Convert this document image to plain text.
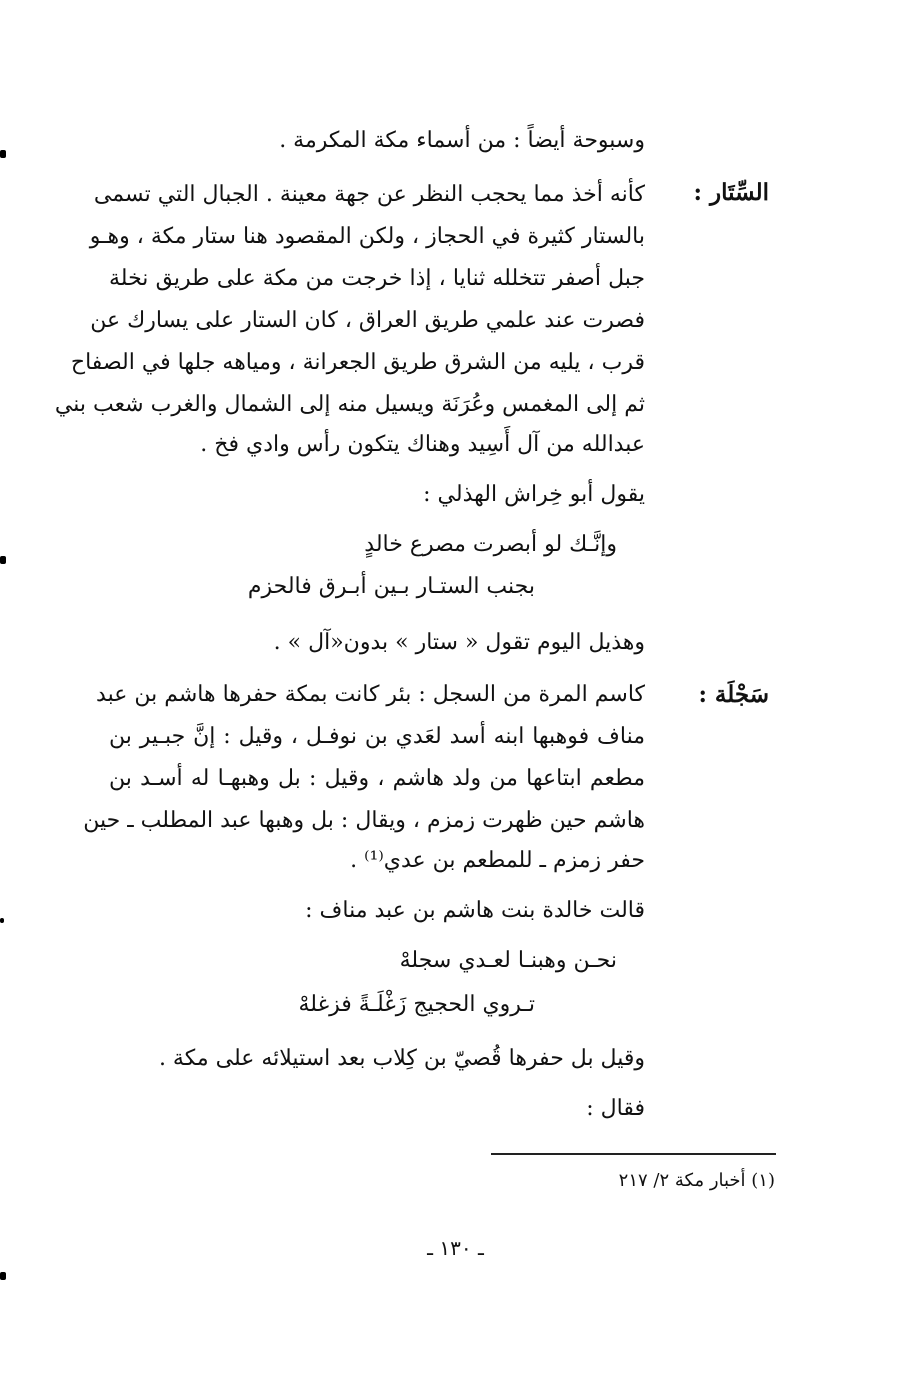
وسبوحة أيضاً : من أسماء مكة المكرمة .
السِّتَار :
كأنه أخذ مما يحجب النظر عن جهة معينة . الجبال التي تسمى
بالستار كثيرة في الحجاز ، ولكن المقصود هنا ستار مكة ، وهـو
جبل أصفر تتخلله ثنايا ، إذا خرجت من مكة على طريق نخلة
فصرت عند علمي طريق العراق ، كان الستار على يسارك عن
قرب ، يليه من الشرق طريق الجعرانة ، ومياهه جلها في الصفاح
ثم إلى المغمس وعُرَنَة ويسيل منه إلى الشمال والغرب شعب بني
عبدالله من آل أَسِيد وهناك يتكون رأس وادي فخ .
يقول أبو خِراش الهذلي :
وإنَّـك لو أبصرت مصرع خالدٍ
بجنب الستـار بـين أبـرق فالحزم
وهذيل اليوم تقول « ستار » بدون«آل » .
سَجْلَة :
كاسم المرة من السجل : بئر كانت بمكة حفرها هاشم بن عبد
مناف فوهبها ابنه أسد لعَدي بن نوفـل ، وقيل : إنَّ جبـير بن
مطعم ابتاعها من ولد هاشم ، وقيل : بل وهبهـا له أسـد بن
هاشم حين ظهرت زمزم ، ويقال : بل وهبها عبد المطلب ـ حين
حفر زمزم ـ للمطعم بن عدي⁽¹⁾ .
قالت خالدة بنت هاشم بن عبد مناف :
نحـن وهبنـا لعـدي سجلهْ
تـروي الحجيج زَغْلَـةً فزغلهْ
وقيل بل حفرها قُصيّ بن كِلاب بعد استيلائه على مكة .
فقال :
(١) أخبار مكة ٢/ ٢١٧
ـ ١٣٠ ـ
